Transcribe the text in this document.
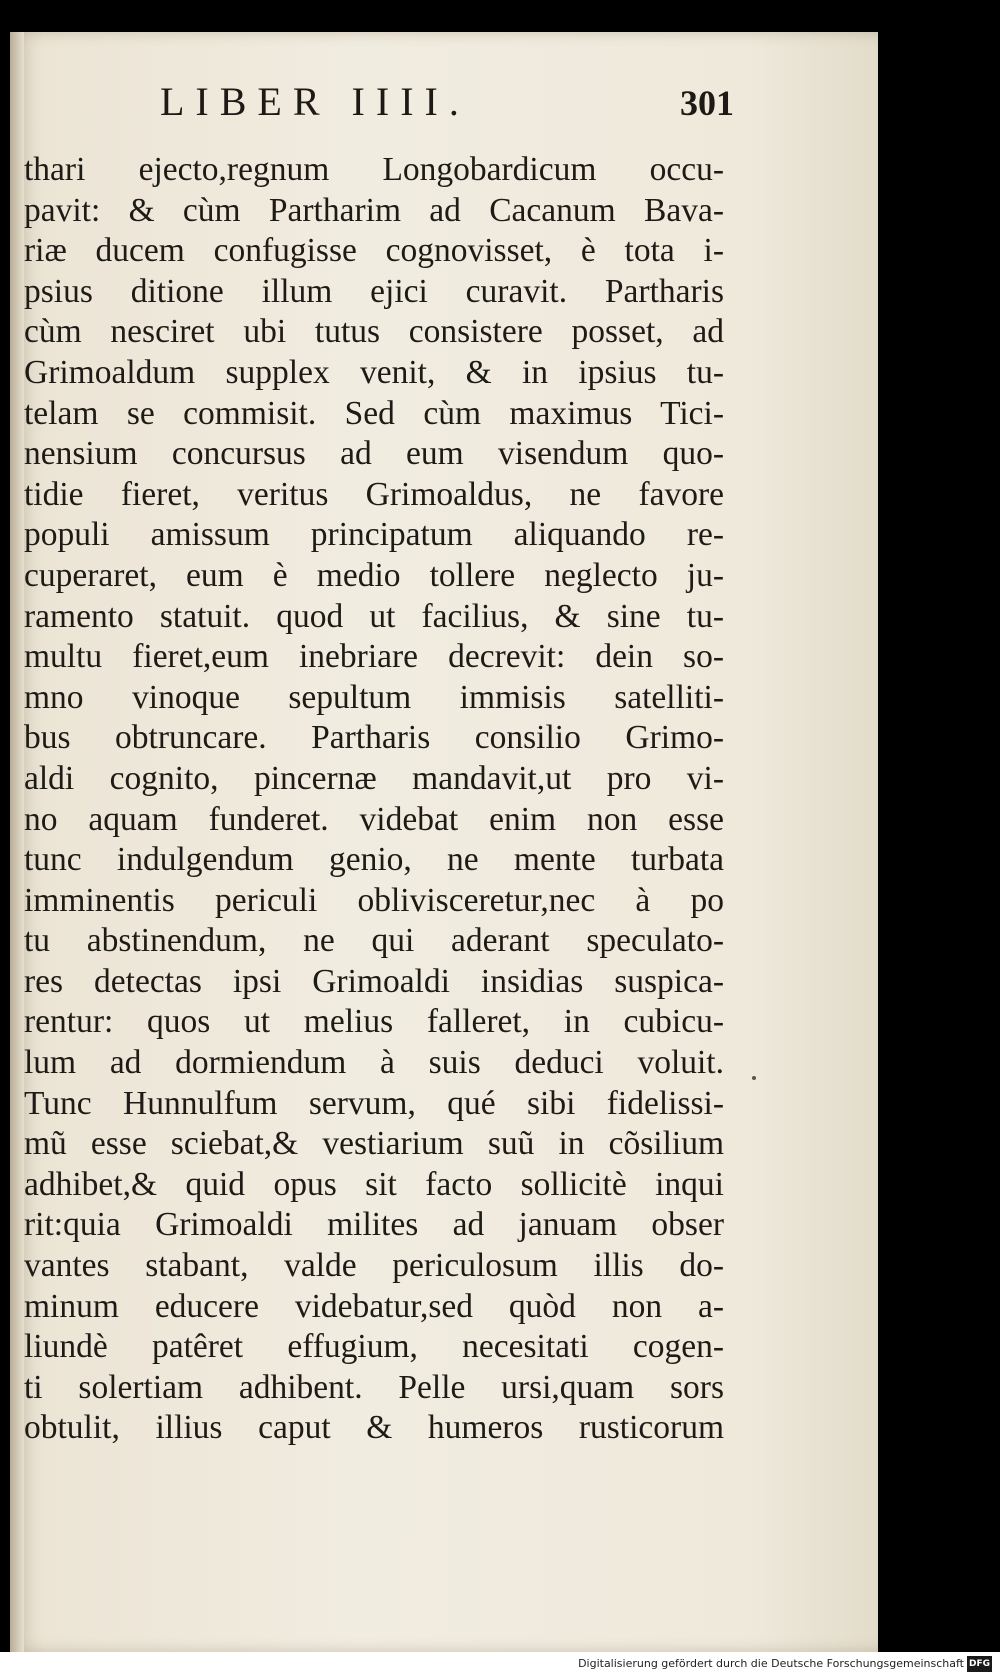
LIBER IIII.	301
thari ejecto,regnum Longobardicum occu-
pavit: & cùm Partharim ad Cacanum Bava-
riæ ducem confugisse cognovisset, è tota i-
psius ditione illum ejici curavit. Partharis
cùm nesciret ubi tutus consistere posset, ad
Grimoaldum supplex venit, & in ipsius tu-
telam se commisit. Sed cùm maximus Tici-
nensium concursus ad eum visendum quo-
tidie fieret, veritus Grimoaldus, ne favore
populi amissum principatum aliquando re-
cuperaret, eum è medio tollere neglecto ju-
ramento statuit. quod ut facilius, & sine tu-
multu fieret,eum inebriare decrevit: dein so-
mno vinoque sepultum immisis satelliti-
bus obtruncare. Partharis consilio Grimo-
aldi cognito, pincernæ mandavit,ut pro vi-
no aquam funderet. videbat enim non esse
tunc indulgendum genio, ne mente turbata
imminentis periculi oblivisceretur,nec à po
tu abstinendum, ne qui aderant speculato-
res detectas ipsi Grimoaldi insidias suspica-
rentur: quos ut melius falleret, in cubicu-
lum ad dormiendum à suis deduci voluit.
Tunc Hunnulfum servum, qué sibi fidelissi-
mũ esse sciebat,& vestiarium suũ in cõsilium
adhibet,& quid opus sit facto sollicitè inqui
rit:quia Grimoaldi milites ad januam obser
vantes stabant, valde periculosum illis do-
minum educere videbatur,sed quòd non a-
liundè patêret effugium, necesitati cogen-
ti solertiam adhibent. Pelle ursi,quam sors
obtulit, illius caput & humeros rusticorum
Digitalisierung gefördert durch die Deutsche Forschungsgemeinschaft DFG
